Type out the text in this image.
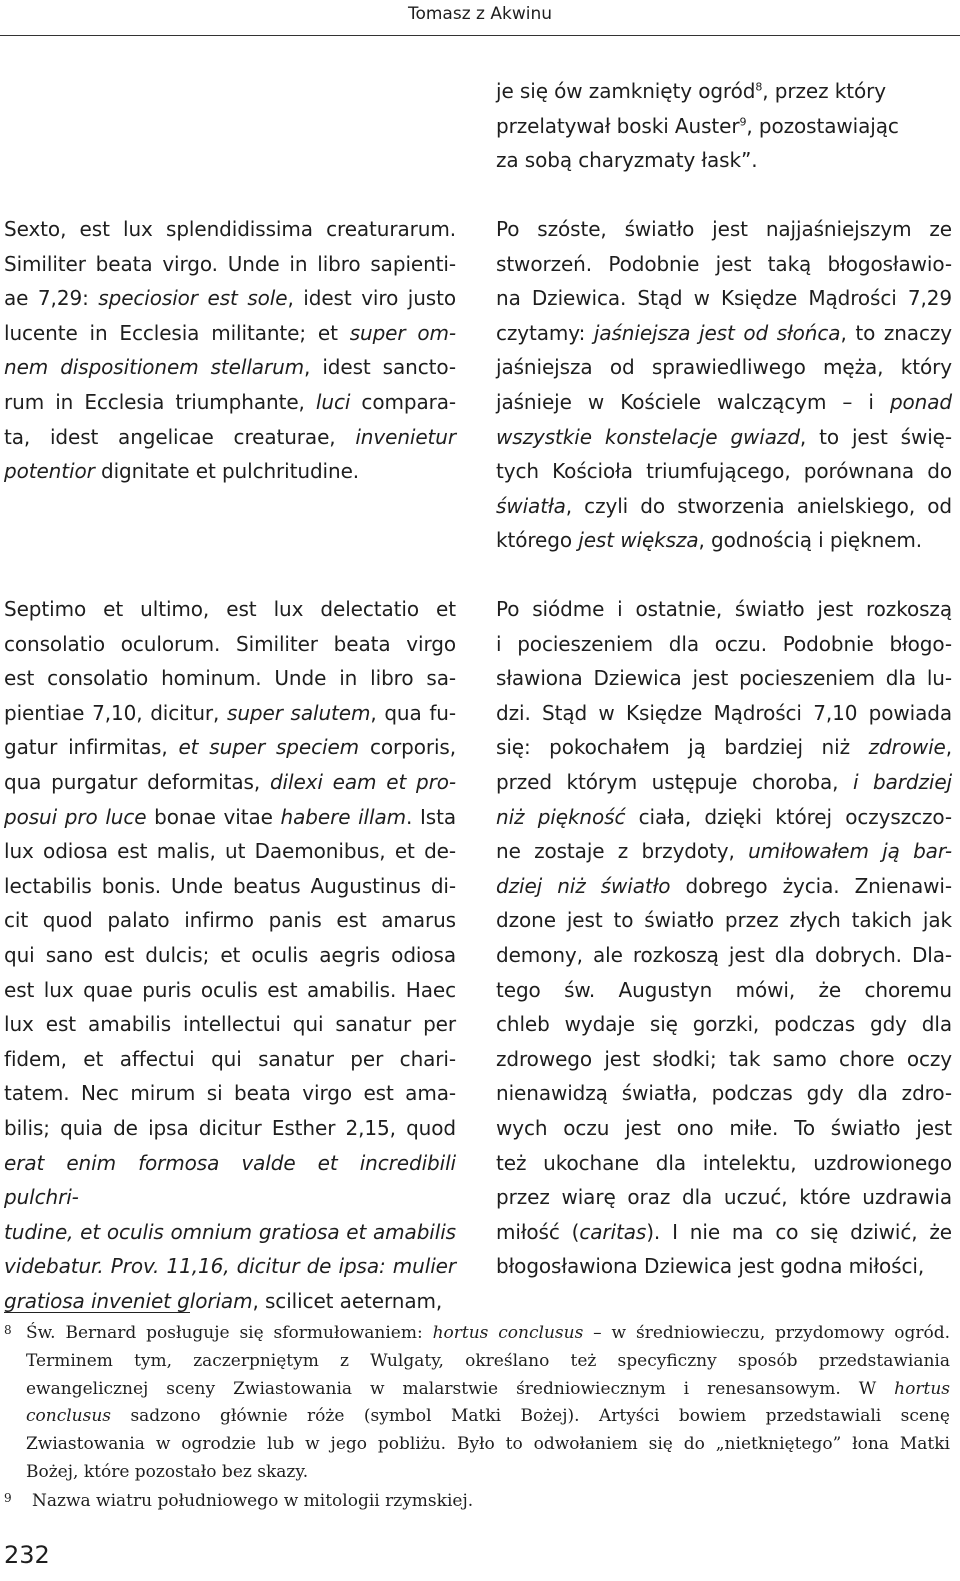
Tomasz z Akwinu
je się ów zamknięty ogród$^8$, przez który
przelatywał boski Auster$^9$, pozostawiając
za sobą charyzmaty łask”.
Sexto, est lux splendidissima creaturarum.
Similiter beata virgo. Unde in libro sapienti-
ae 7,29: speciosior est sole, idest viro justo
lucente in Ecclesia militante; et super om-
nem dispositionem stellarum, idest sancto-
rum in Ecclesia triumphante, luci compara-
ta, idest angelicae creaturae, invenietur
potentior dignitate et pulchritudine.
Po szóste, światło jest najjaśniejszym ze
stworzeń. Podobnie jest taką błogosławio-
na Dziewica. Stąd w Księdze Mądrości 7,29
czytamy: jaśniejsza jest od słońca, to znaczy
jaśniejsza od sprawiedliwego męża, który
jaśnieje w Kościele walczącym – i ponad
wszystkie konstelacje gwiazd, to jest świę-
tych Kościoła triumfującego, porównana do
światła, czyli do stworzenia anielskiego, od
którego jest większa, godnością i pięknem.
Septimo et ultimo, est lux delectatio et
consolatio oculorum. Similiter beata virgo
est consolatio hominum. Unde in libro sa-
pientiae 7,10, dicitur, super salutem, qua fu-
gatur infirmitas, et super speciem corporis,
qua purgatur deformitas, dilexi eam et pro-
posui pro luce bonae vitae habere illam. Ista
lux odiosa est malis, ut Daemonibus, et de-
lectabilis bonis. Unde beatus Augustinus di-
cit quod palato infirmo panis est amarus
qui sano est dulcis; et oculis aegris odiosa
est lux quae puris oculis est amabilis. Haec
lux est amabilis intellectui qui sanatur per
fidem, et affectui qui sanatur per chari-
tatem. Nec mirum si beata virgo est ama-
bilis; quia de ipsa dicitur Esther 2,15, quod
erat enim formosa valde et incredibili pulchri-
tudine, et oculis omnium gratiosa et amabilis
videbatur. Prov. 11,16, dicitur de ipsa: mulier
gratiosa inveniet gloriam, scilicet aeternam,
Po siódme i ostatnie, światło jest rozkoszą
i pocieszeniem dla oczu. Podobnie błogo-
sławiona Dziewica jest pocieszeniem dla lu-
dzi. Stąd w Księdze Mądrości 7,10 powiada
się: pokochałem ją bardziej niż zdrowie,
przed którym ustępuje choroba, i bardziej
niż piękność ciała, dzięki której oczyszczo-
ne zostaje z brzydoty, umiłowałem ją bar-
dziej niż światło dobrego życia. Znienawi-
dzone jest to światło przez złych takich jak
demony, ale rozkoszą jest dla dobrych. Dla-
tego św. Augustyn mówi, że choremu
chleb wydaje się gorzki, podczas gdy dla
zdrowego jest słodki; tak samo chore oczy
nienawidzą światła, podczas gdy dla zdro-
wych oczu jest ono miłe. To światło jest
też ukochane dla intelektu, uzdrowionego
przez wiarę oraz dla uczuć, które uzdrawia
miłość (caritas). I nie ma co się dziwić, że
błogosławiona Dziewica jest godna miłości,
8 Św. Bernard posługuje się sformułowaniem: hortus conclusus – w średniowieczu, przydomowy ogród.
Terminem tym, zaczerpniętym z Wulgaty, określano też specyficzny sposób przedstawiania
ewangelicznej sceny Zwiastowania w malarstwie średniowiecznym i renesansowym. W hortus
conclusus sadzono głównie róże (symbol Matki Bożej). Artyści bowiem przedstawiali scenę
Zwiastowania w ogrodzie lub w jego pobliżu. Było to odwołaniem się do „nietkniętego” łona Matki
Bożej, które pozostało bez skazy.
9 Nazwa wiatru południowego w mitologii rzymskiej.
232
